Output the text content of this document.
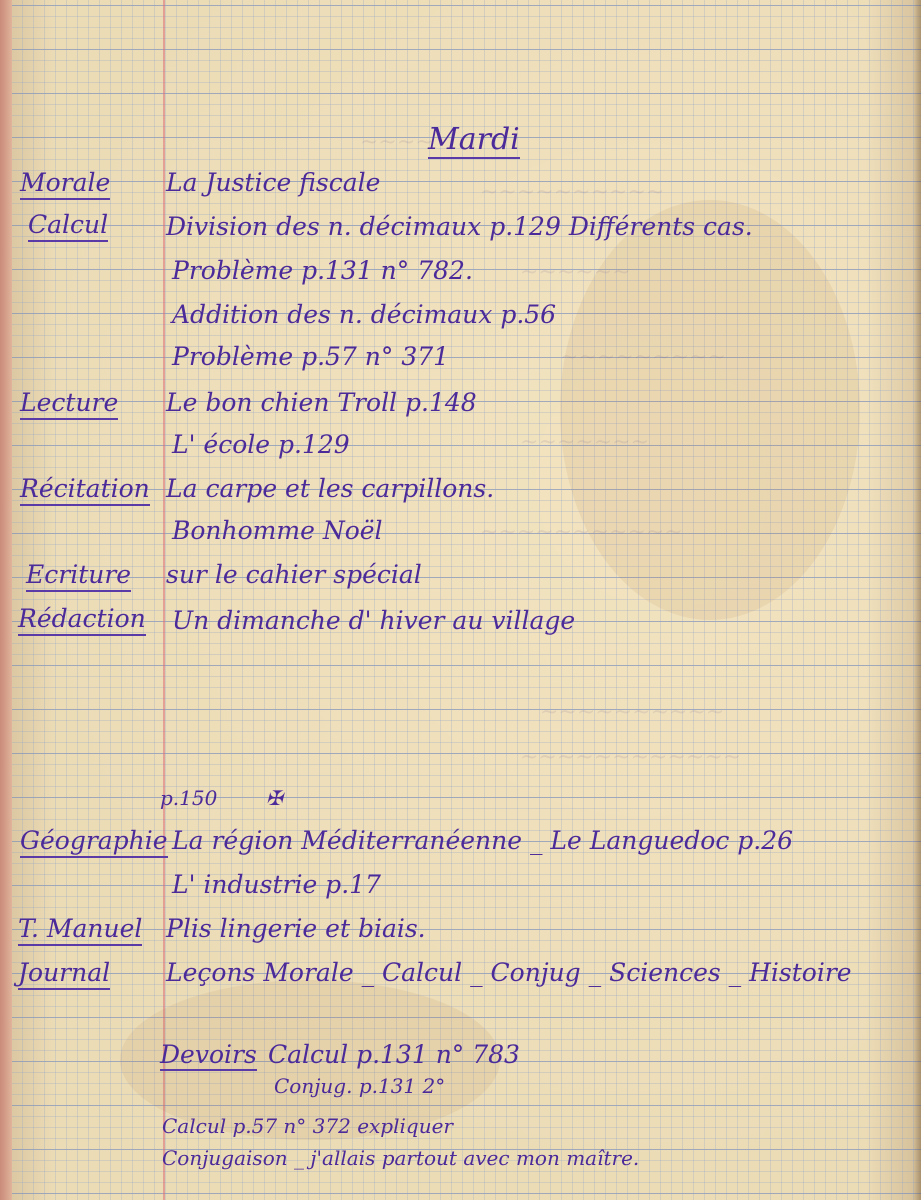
~~~~
~~~~~~~~~~
~~~~~~
~~~~~~~~~
~~~~~~~
~~~~~~~~~~~
~~~~~~~~~~
~~~~~~~~~~~~
Mardi
Morale La Justice fiscale
Calcul Division des n. décimaux p.129 Différents cas.
Problème p.131 n° 782.
Addition des n. décimaux p.56
Problème p.57 n° 371
Lecture Le bon chien Troll p.148
L' école p.129
Récitation La carpe et les carpillons.
Bonhomme Noël
Ecriture sur le cahier spécial
Rédaction Un dimanche d' hiver au village
p.150 ✠
Géographie La région Méditerranéenne _ Le Languedoc p.26
L' industrie p.17
T. Manuel Plis lingerie et biais.
Journal Leçons Morale _ Calcul _ Conjug _ Sciences _ Histoire
Devoirs Calcul p.131 n° 783
Conjug. p.131 2°
Calcul p.57 n° 372 expliquer
Conjugaison _ j'allais partout avec mon maître.
